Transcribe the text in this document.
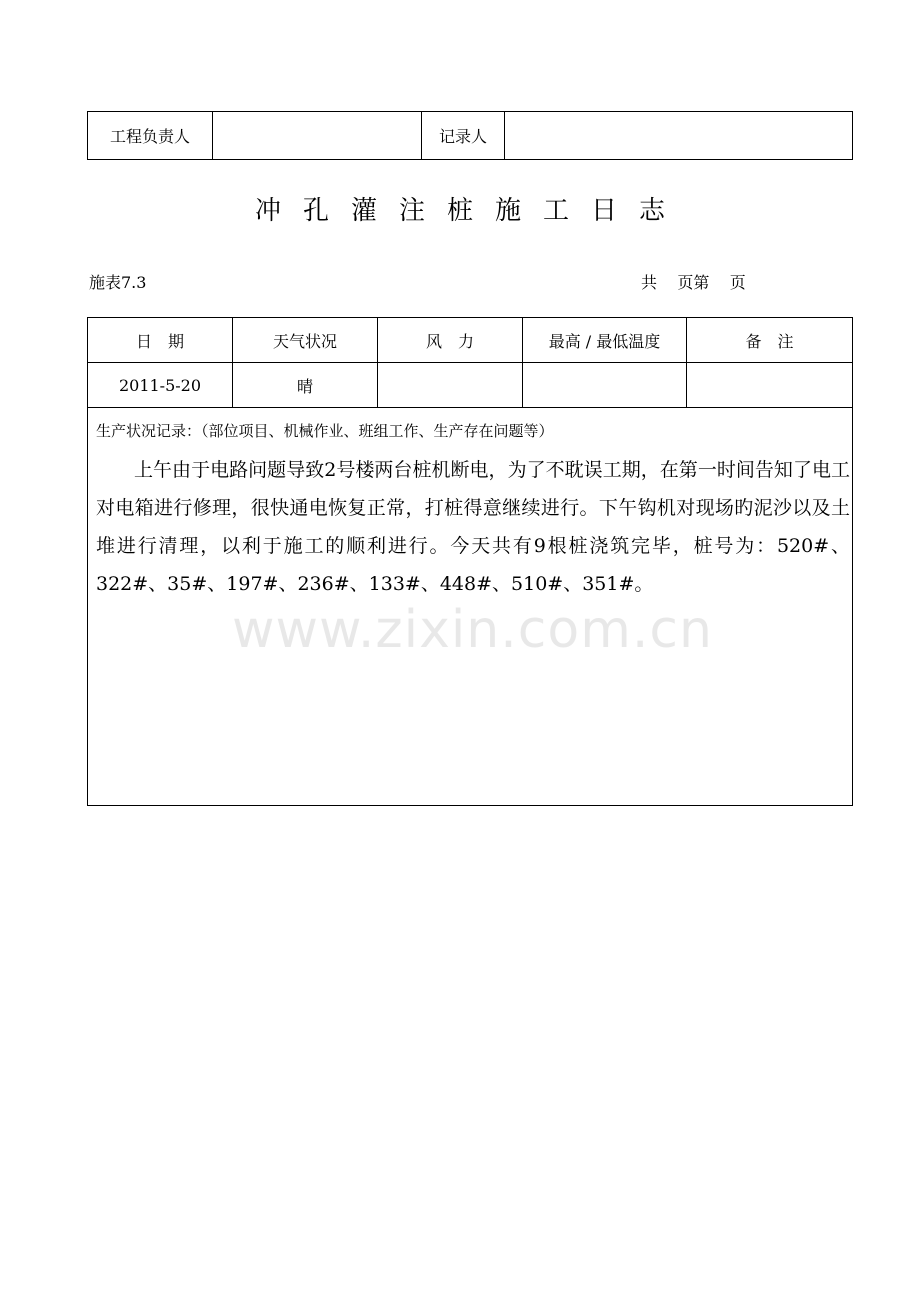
工程负责人		记录人	
冲孔灌注桩施工日志
施表7.3	共    页第    页
日　期	天气状况	风　力	最高 / 最低温度	备　注
2011-5-20	晴			

生产状况记录：（部位项目、机械作业、班组工作、生产存在问题等）
上午由于电路问题导致2号楼两台桩机断电，为了不耽误工期，在第一时间告知了电工对电箱进行修理，很快通电恢复正常，打桩得意继续进行。下午钩机对现场旳泥沙以及土堆进行清理，以利于施工的顺利进行。今天共有9根桩浇筑完毕，桩号为：520#、322#、35#、197#、236#、133#、448#、510#、351#。				
www.zixin.com.cn
